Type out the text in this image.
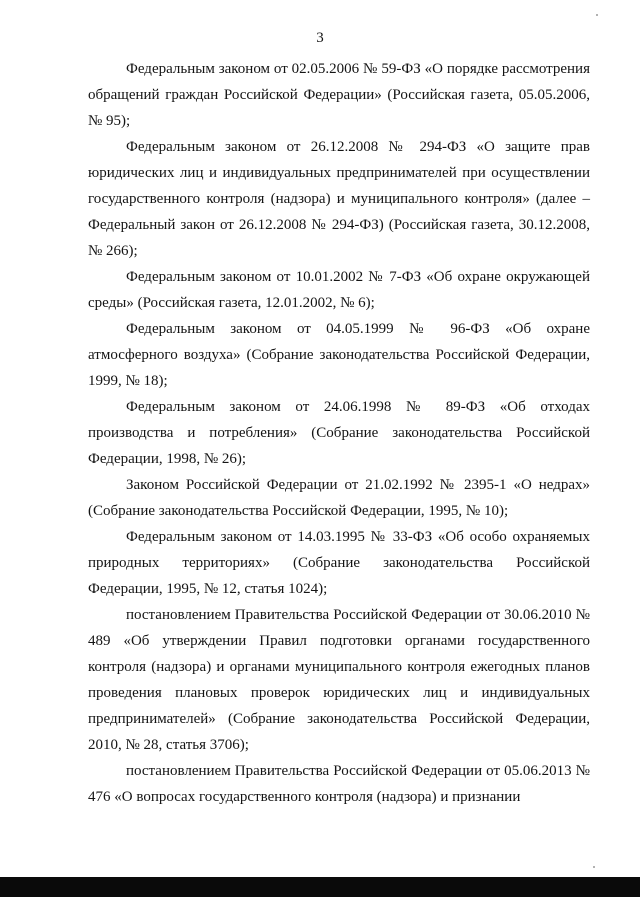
3

Федеральным законом от 02.05.2006 № 59-ФЗ «О порядке рассмотрения обращений граждан Российской Федерации» (Российская газета, 05.05.2006, № 95);

Федеральным законом от 26.12.2008 № 294-ФЗ «О защите прав юридических лиц и индивидуальных предпринимателей при осуществлении государственного контроля (надзора) и муниципального контроля» (далее – Федеральный закон от 26.12.2008 № 294-ФЗ) (Российская газета, 30.12.2008, № 266);

Федеральным законом от 10.01.2002 № 7-ФЗ «Об охране окружающей среды» (Российская газета, 12.01.2002, № 6);

Федеральным законом от 04.05.1999 № 96-ФЗ «Об охране атмосферного воздуха» (Собрание законодательства Российской Федерации, 1999, № 18);

Федеральным законом от 24.06.1998 № 89-ФЗ «Об отходах производства и потребления» (Собрание законодательства Российской Федерации, 1998, № 26);

Законом Российской Федерации от 21.02.1992 № 2395-1 «О недрах» (Собрание законодательства Российской Федерации, 1995, № 10);

Федеральным законом от 14.03.1995 № 33-ФЗ «Об особо охраняемых природных территориях» (Собрание законодательства Российской Федерации, 1995, № 12, статья 1024);

постановлением Правительства Российской Федерации от 30.06.2010 № 489 «Об утверждении Правил подготовки органами государственного контроля (надзора) и органами муниципального контроля ежегодных планов проведения плановых проверок юридических лиц и индивидуальных предпринимателей» (Собрание законодательства Российской Федерации, 2010, № 28, статья 3706);

постановлением Правительства Российской Федерации от 05.06.2013 № 476 «О вопросах государственного контроля (надзора) и признании
